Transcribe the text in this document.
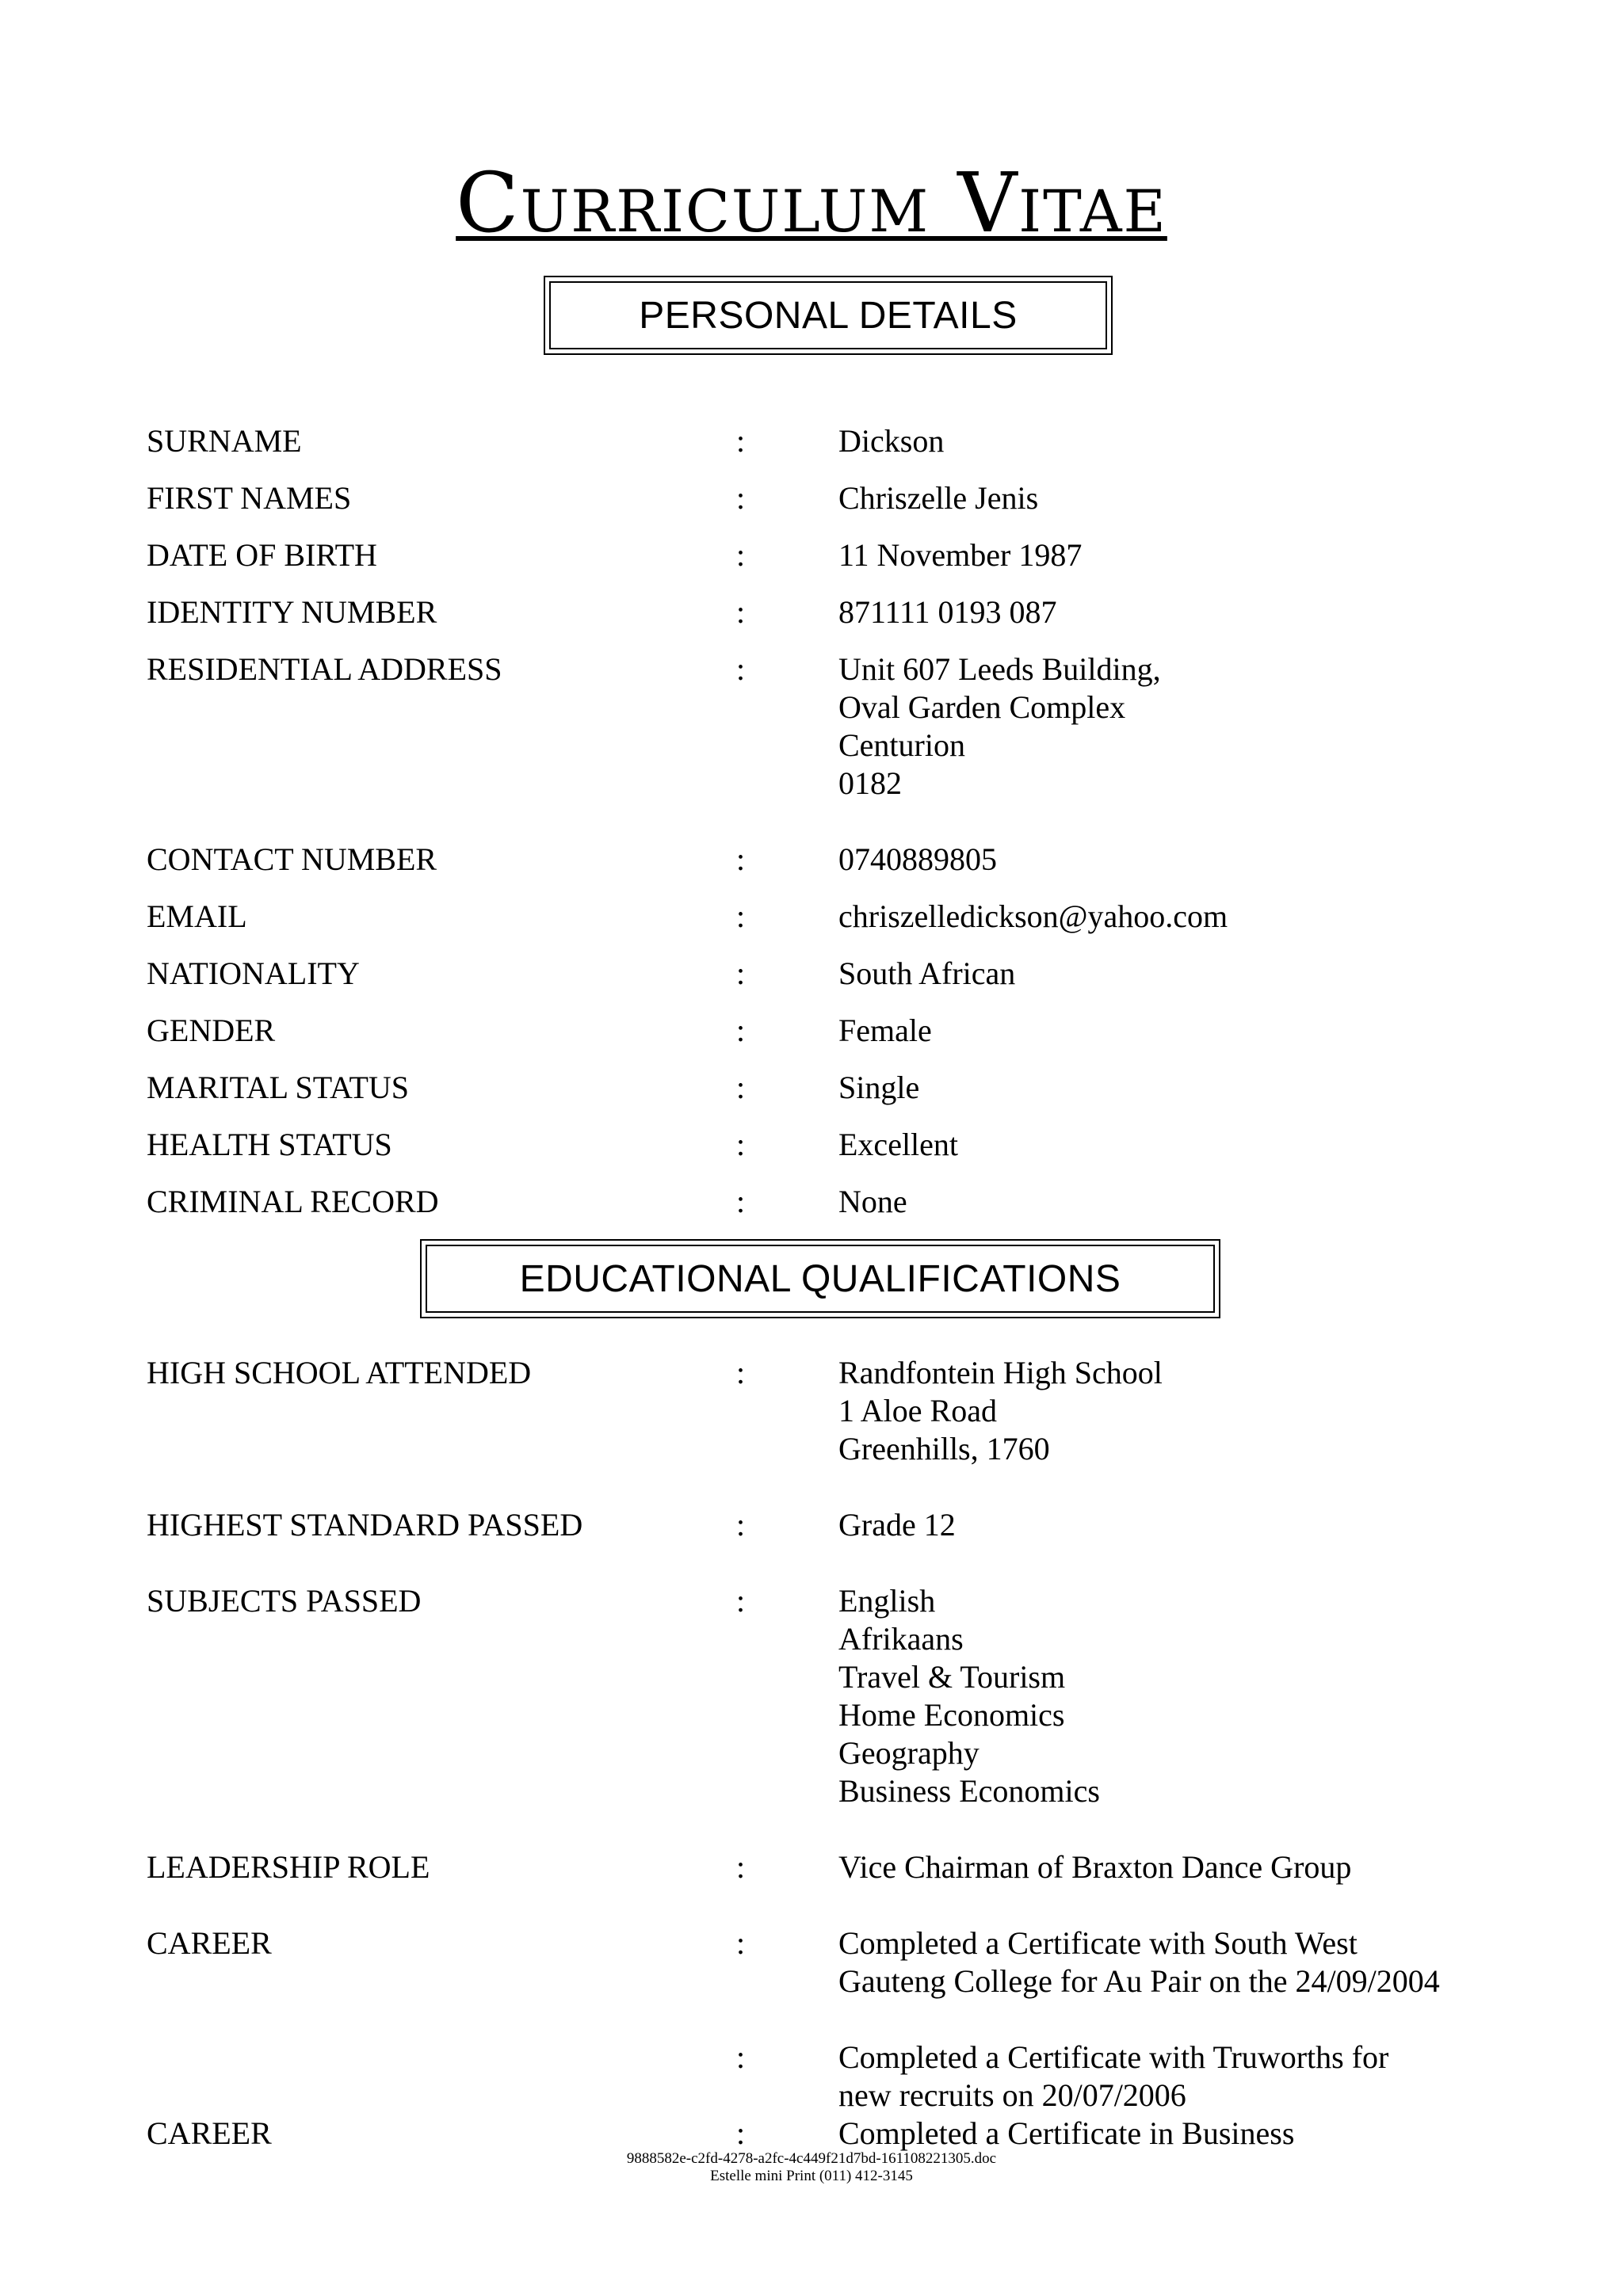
Curriculum Vitae
PERSONAL DETAILS
SURNAME	:	Dickson
FIRST NAMES	:	Chriszelle Jenis
DATE OF BIRTH	:	11 November 1987
IDENTITY NUMBER	:	871111 0193 087
RESIDENTIAL ADDRESS	:	Unit 607 Leeds Building,
Oval Garden Complex
Centurion
0182
CONTACT NUMBER	:	0740889805
EMAIL	:	chriszelledickson@yahoo.com
NATIONALITY	:	South African
GENDER	:	Female
MARITAL STATUS	:	Single
HEALTH STATUS	:	Excellent
CRIMINAL RECORD	:	None
EDUCATIONAL QUALIFICATIONS
HIGH SCHOOL ATTENDED	:	Randfontein High School
1 Aloe Road
Greenhills, 1760
HIGHEST STANDARD PASSED	:	Grade 12
SUBJECTS PASSED	:	English
Afrikaans
Travel & Tourism
Home Economics
Geography
Business Economics
LEADERSHIP ROLE	:	Vice Chairman of Braxton Dance Group
CAREER	:	Completed a Certificate with South West
Gauteng College for Au Pair on the 24/09/2004
:	Completed a Certificate with Truworths for
new recruits on 20/07/2006
CAREER	:	Completed a Certificate in Business
9888582e-c2fd-4278-a2fc-4c449f21d7bd-161108221305.doc
Estelle mini Print (011) 412-3145
